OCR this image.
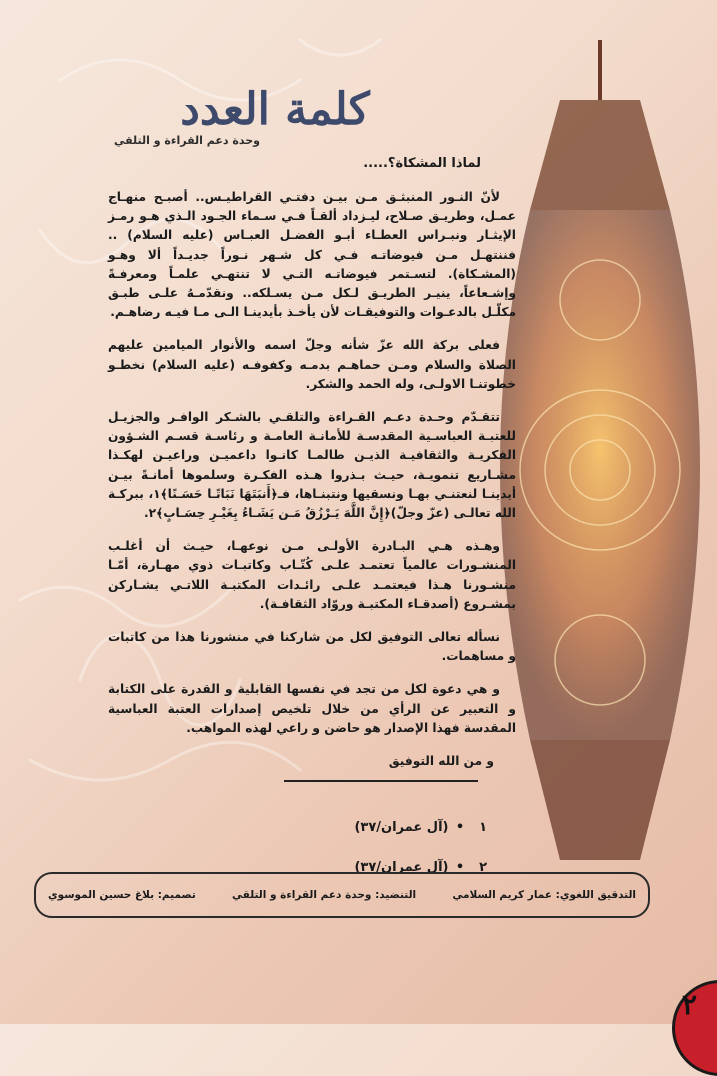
كلمة العدد
وحدة دعم القراءة و التلقي
لماذا المشكاة؟.....

لأنّ النـور المنبثـق مـن بيـن دفتـي القراطيـس.. أصبـح منهـاج عمـل، وطريـق صـلاح، ليـزداد ألقـاً فـي سـماء الجـود الـذي هـو رمـز الإيثـار ونبـراس العطـاء أبـو الفضـل العبـاس (عليه السلام) .. فننتهـل مـن فيوضاتـه فـي كل شـهر نـوراً جديـداً ألا وهـو (المشـكاة). لتسـتمر فيوضاتـه التـي لا تنتهـي علمـاً ومعرفـةً وإشـعاعاً، ينيـر الطريـق لـكل مـن يسـلكه.. ونقدّمـهُ علـى طبـق مكلّـل بالدعـوات والتوفيقـات لأن يأخـذ بأيدينـا الـى مـا فيـه رضاهـم.

فعلى بركة الله عزّ شأنه وجلّ اسمه والأنوار الميامين عليهم الصلاة والسلام ومـن حماهـم بدمـه وكفوفـه (عليه السلام) نخطـو خطوتنـا الاولـى، وله الحمد والشكر.

تتقـدّم وحـدة دعـم القـراءة والتلقـي بالشـكر الوافـر والجزيـل للعتبـة العباسـية المقدسـة للأمانـة العامـة و رئاسـة قسـم الشـؤون الفكريـة والثقافيـة الذيـن طالمـا كانـوا داعميـن وراعيـن لهكـذا مشـاريع تنمويـة، حيـث بـذروا هـذه الفكـرة وسلموها أمانـةً بيـن أيدينـا لنعتنـي بهـا ونسقيها ونتبنـاها، فـ﴿أَنبَتَهَا نَبَاتًـا حَسَـنًا﴾١، ببركـة الله تعالـى (عزّ وجلّ)﴿إِنَّ اللَّهَ يَـرْزُقُ مَـن يَشَـاءُ بِغَيْـرِ حِسَـابٍ﴾٢.

وهـذه هـي البـادرة الأولـى مـن نوعهـا، حيـث أن أغلـب المنشـورات عالمياً تعتمـد علـى كُتّـاب وكاتبـات ذوي مهـارة، أمّـا منشـورنا هـذا فيعتمـد علـى رائـدات المكتبـة اللاتـي يشـاركن بمشـروع (أصدقـاء المكتبـة وروّاد الثقافـة).

نسأله تعالى التوفيق لكل من شاركنا في منشورنا هذا من كاتبات و مساهمات.

و هي دعوة لكل من تجد في نفسها القابلية و القدرة على الكتابة و التعبير عن الرأي من خلال تلخيص إصدارات العتبة العباسية المقدسة فهذا الإصدار هو حاضن و راعي لهذه المواهب.

و من الله التوفيق

١• (آل عمران/٣٧)
٢• (آل عمران/٣٧)
التدقيق اللغوي: عمار كريم السلامي
التنضيد: وحدة دعم القراءة و التلقي
تصميم: بلاغ حسين الموسوي
٢
